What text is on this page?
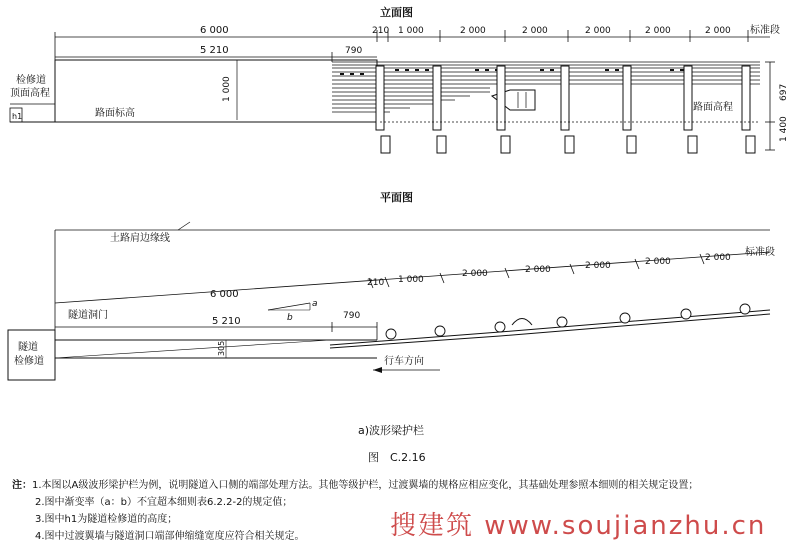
立面图
6 000	210 1 000	2 000	2 000	2 000	2 000	2 000 标准段
5 210	790
1 000
检修道
顶面高程
h1	路面标高
路面高程
697
1 400
平面图
土路肩边缘线
210 1 000
2 000	2 000	2 000	2 000	2 000 标准段
6 000
a
b
5 210	790
隧道洞门
隧道
检修道
305
行车方向
a)波形梁护栏
图　C.2.16
注：1.本图以A级波形梁护栏为例，说明隧道入口侧的端部处理方法。其他等级护栏，过渡翼墙的规格应相应变化，其基础处理参照本细则的相关规定设置；
2.图中渐变率（a：b）不宜超本细则表6.2.2-2的规定值；
3.图中h1为隧道检修道的高度；
4.图中过渡翼墙与隧道洞口端部伸缩缝宽度应符合相关规定。	搜建筑 www.soujianzhu.cn
